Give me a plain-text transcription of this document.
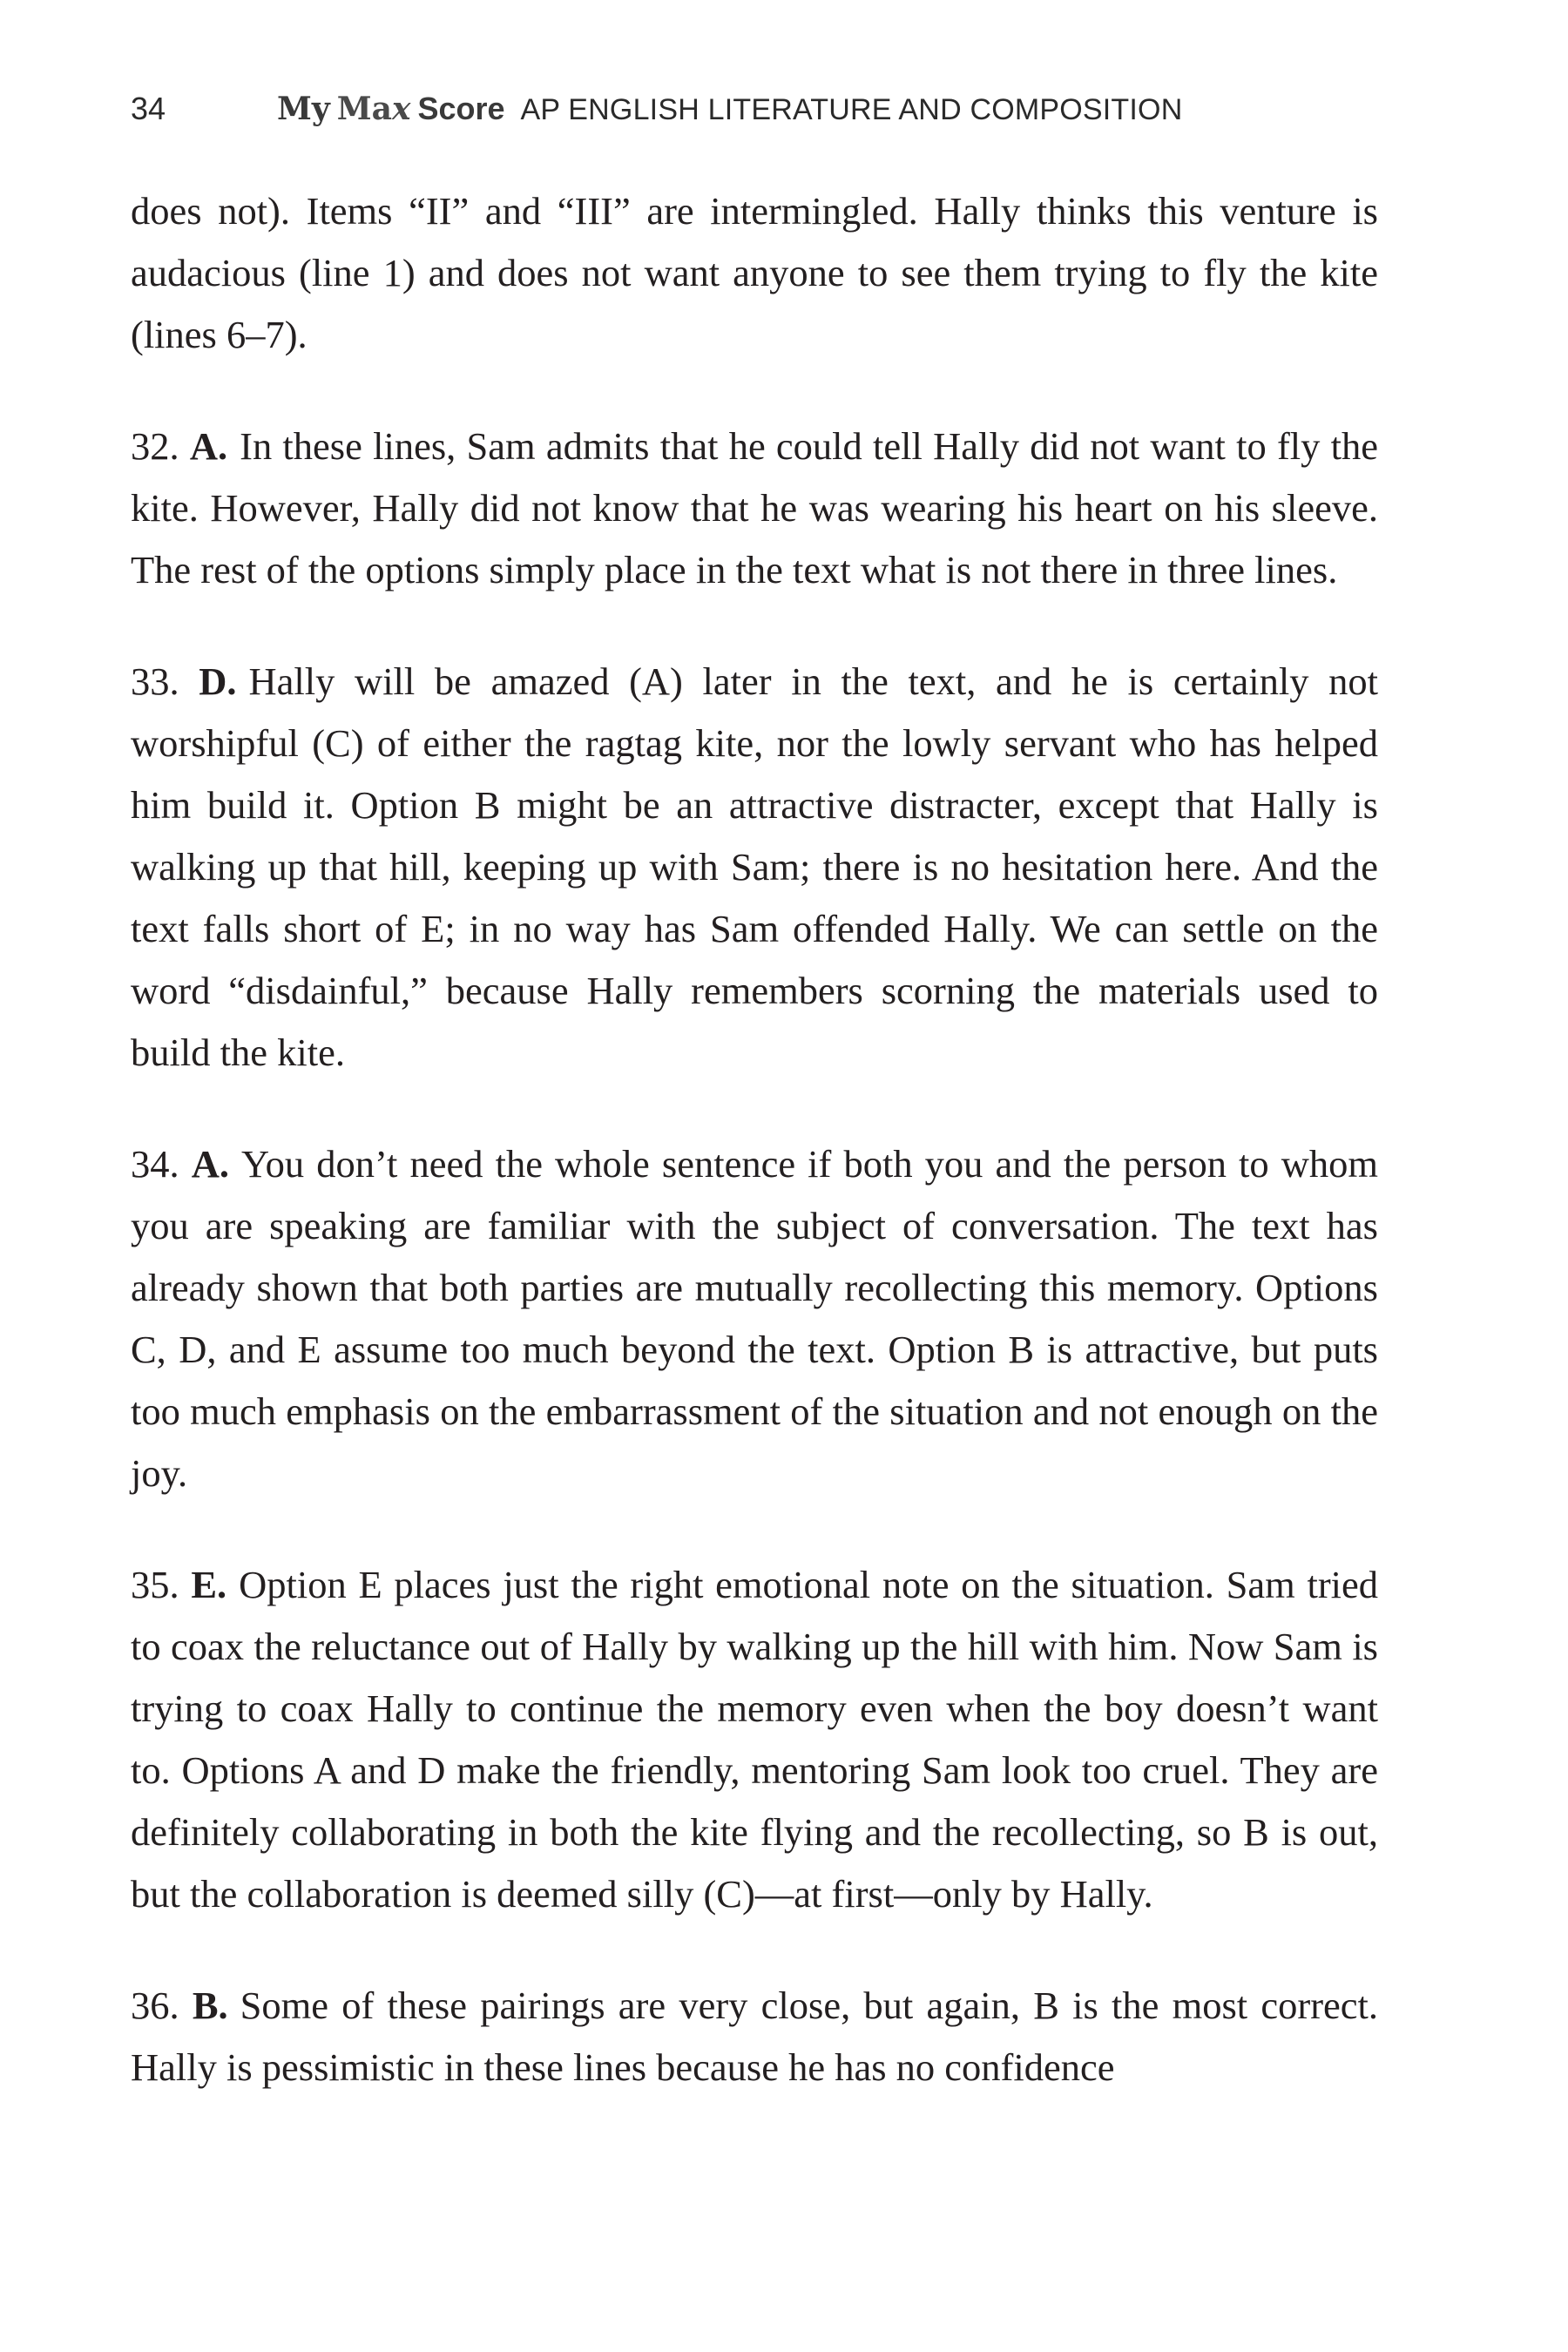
34	My Max Score AP ENGLISH LITERATURE AND COMPOSITION

does not). Items “II” and “III” are intermingled. Hally thinks this venture is audacious (line 1) and does not want anyone to see them trying to fly the kite (lines 6–7).

32. A. In these lines, Sam admits that he could tell Hally did not want to fly the kite. However, Hally did not know that he was wearing his heart on his sleeve. The rest of the options simply place in the text what is not there in three lines.

33. D. Hally will be amazed (A) later in the text, and he is certainly not worshipful (C) of either the ragtag kite, nor the lowly servant who has helped him build it. Option B might be an attractive distracter, except that Hally is walking up that hill, keeping up with Sam; there is no hesitation here. And the text falls short of E; in no way has Sam offended Hally. We can settle on the word “disdainful,” because Hally remembers scorning the materials used to build the kite.

34. A. You don’t need the whole sentence if both you and the person to whom you are speaking are familiar with the subject of conversation. The text has already shown that both parties are mutually recollecting this memory. Options C, D, and E assume too much beyond the text. Option B is attractive, but puts too much emphasis on the embarrassment of the situation and not enough on the joy.

35. E. Option E places just the right emotional note on the situation. Sam tried to coax the reluctance out of Hally by walking up the hill with him. Now Sam is trying to coax Hally to continue the memory even when the boy doesn’t want to. Options A and D make the friendly, mentoring Sam look too cruel. They are definitely collaborating in both the kite flying and the recollecting, so B is out, but the collaboration is deemed silly (C)—at first—only by Hally.

36. B. Some of these pairings are very close, but again, B is the most correct. Hally is pessimistic in these lines because he has no confidence
